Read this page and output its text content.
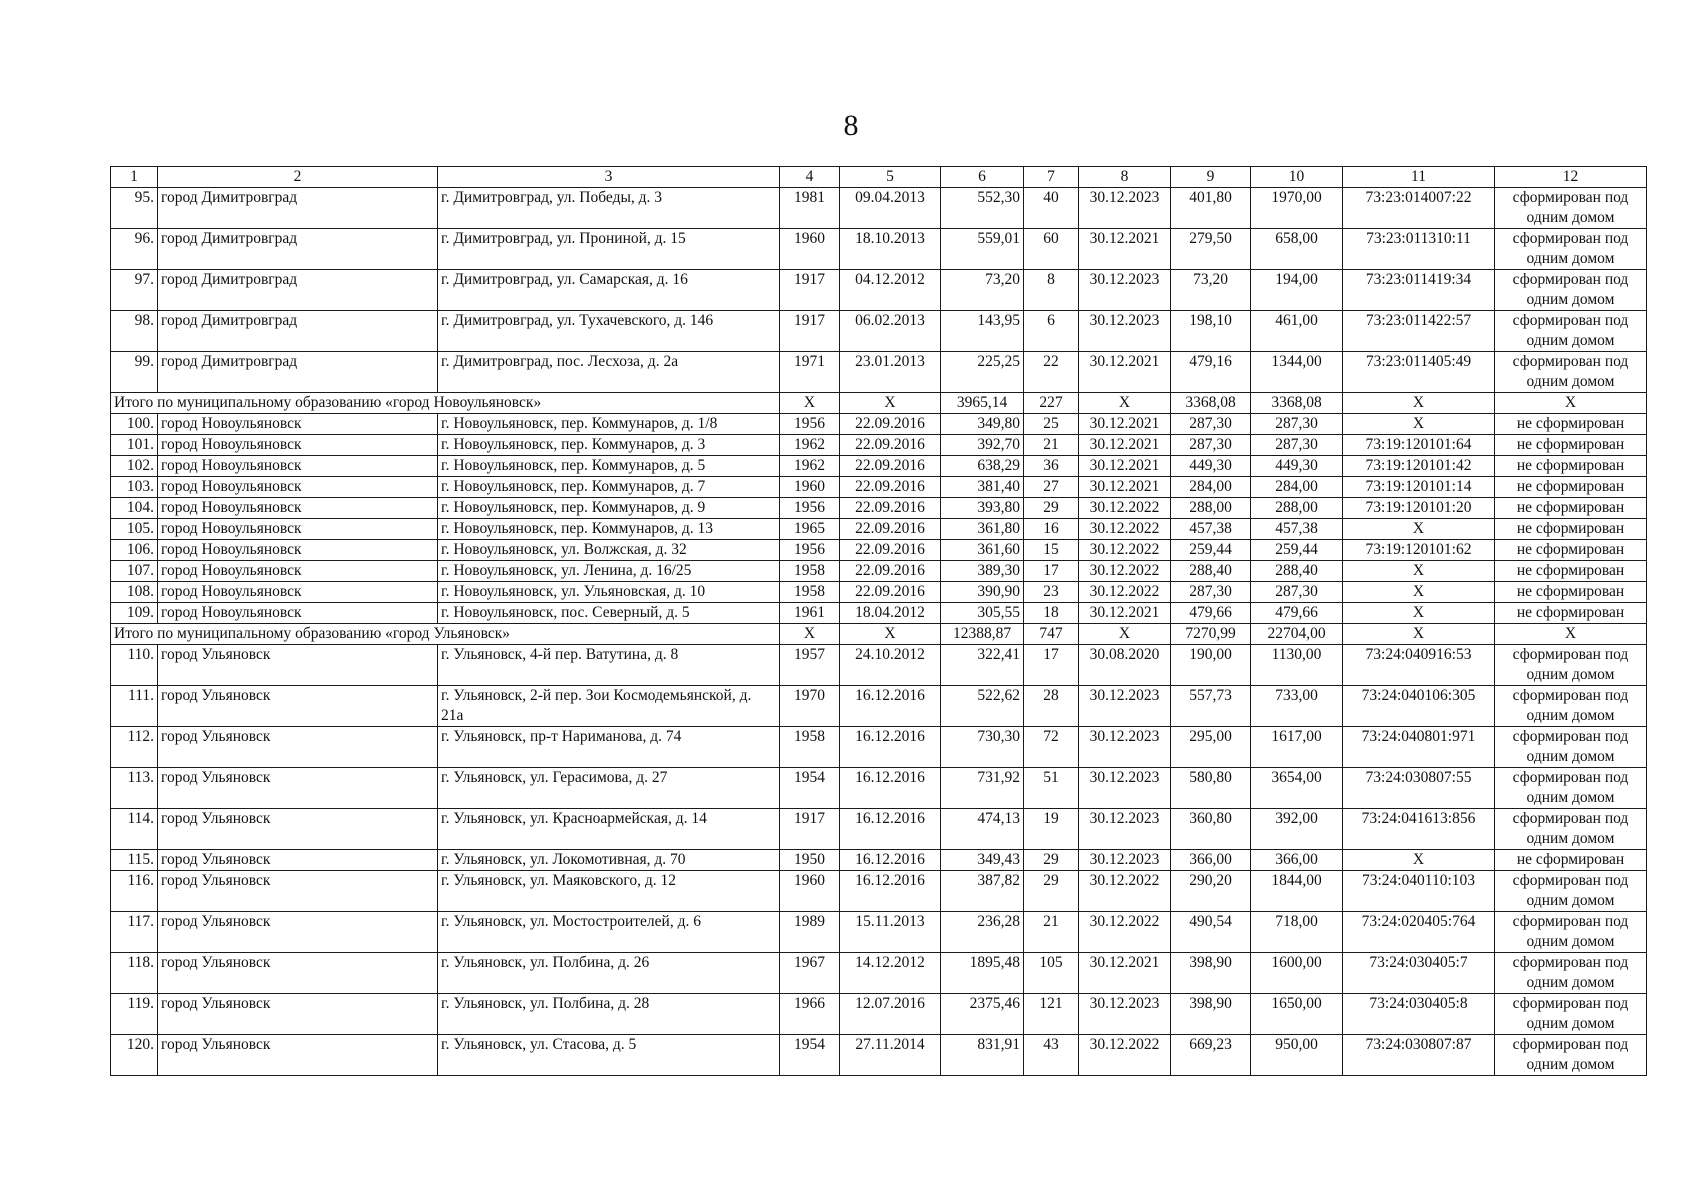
8
1	2	3	4	5	6	7	8	9	10	11	12
95.	город Димитровград	г. Димитровград, ул. Победы, д. 3	1981	09.04.2013	552,30	40	30.12.2023	401,80	1970,00	73:23:014007:22	сформирован под одним домом
96.	город Димитровград	г. Димитровград, ул. Прониной, д. 15	1960	18.10.2013	559,01	60	30.12.2021	279,50	658,00	73:23:011310:11	сформирован под одним домом
97.	город Димитровград	г. Димитровград, ул. Самарская, д. 16	1917	04.12.2012	73,20	8	30.12.2023	73,20	194,00	73:23:011419:34	сформирован под одним домом
98.	город Димитровград	г. Димитровград, ул. Тухачевского, д. 146	1917	06.02.2013	143,95	6	30.12.2023	198,10	461,00	73:23:011422:57	сформирован под одним домом
99.	город Димитровград	г. Димитровград, пос. Лесхоза, д. 2а	1971	23.01.2013	225,25	22	30.12.2021	479,16	1344,00	73:23:011405:49	сформирован под одним домом
Итого по муниципальному образованию «город Новоульяновск»			X	X	3965,14	227	X	3368,08	3368,08	X	X
100.	город Новоульяновск	г. Новоульяновск, пер. Коммунаров, д. 1/8	1956	22.09.2016	349,80	25	30.12.2021	287,30	287,30	X	не сформирован
101.	город Новоульяновск	г. Новоульяновск, пер. Коммунаров, д. 3	1962	22.09.2016	392,70	21	30.12.2021	287,30	287,30	73:19:120101:64	не сформирован
102.	город Новоульяновск	г. Новоульяновск, пер. Коммунаров, д. 5	1962	22.09.2016	638,29	36	30.12.2021	449,30	449,30	73:19:120101:42	не сформирован
103.	город Новоульяновск	г. Новоульяновск, пер. Коммунаров, д. 7	1960	22.09.2016	381,40	27	30.12.2021	284,00	284,00	73:19:120101:14	не сформирован
104.	город Новоульяновск	г. Новоульяновск, пер. Коммунаров, д. 9	1956	22.09.2016	393,80	29	30.12.2022	288,00	288,00	73:19:120101:20	не сформирован
105.	город Новоульяновск	г. Новоульяновск, пер. Коммунаров, д. 13	1965	22.09.2016	361,80	16	30.12.2022	457,38	457,38	X	не сформирован
106.	город Новоульяновск	г. Новоульяновск, ул. Волжская, д. 32	1956	22.09.2016	361,60	15	30.12.2022	259,44	259,44	73:19:120101:62	не сформирован
107.	город Новоульяновск	г. Новоульяновск, ул. Ленина, д. 16/25	1958	22.09.2016	389,30	17	30.12.2022	288,40	288,40	X	не сформирован
108.	город Новоульяновск	г. Новоульяновск, ул. Ульяновская, д. 10	1958	22.09.2016	390,90	23	30.12.2022	287,30	287,30	X	не сформирован
109.	город Новоульяновск	г. Новоульяновск, пос. Северный, д. 5	1961	18.04.2012	305,55	18	30.12.2021	479,66	479,66	X	не сформирован
Итого по муниципальному образованию «город Ульяновск»			X	X	12388,87	747	X	7270,99	22704,00	X	X
110.	город Ульяновск	г. Ульяновск, 4-й пер. Ватутина, д. 8	1957	24.10.2012	322,41	17	30.08.2020	190,00	1130,00	73:24:040916:53	сформирован под одним домом
111.	город Ульяновск	г. Ульяновск, 2-й пер. Зои Космодемьянской, д. 21а	1970	16.12.2016	522,62	28	30.12.2023	557,73	733,00	73:24:040106:305	сформирован под одним домом
112.	город Ульяновск	г. Ульяновск, пр-т Нариманова, д. 74	1958	16.12.2016	730,30	72	30.12.2023	295,00	1617,00	73:24:040801:971	сформирован под одним домом
113.	город Ульяновск	г. Ульяновск, ул. Герасимова, д. 27	1954	16.12.2016	731,92	51	30.12.2023	580,80	3654,00	73:24:030807:55	сформирован под одним домом
114.	город Ульяновск	г. Ульяновск, ул. Красноармейская, д. 14	1917	16.12.2016	474,13	19	30.12.2023	360,80	392,00	73:24:041613:856	сформирован под одним домом
115.	город Ульяновск	г. Ульяновск, ул. Локомотивная, д. 70	1950	16.12.2016	349,43	29	30.12.2023	366,00	366,00	X	не сформирован
116.	город Ульяновск	г. Ульяновск, ул. Маяковского, д. 12	1960	16.12.2016	387,82	29	30.12.2022	290,20	1844,00	73:24:040110:103	сформирован под одним домом
117.	город Ульяновск	г. Ульяновск, ул. Мостостроителей, д. 6	1989	15.11.2013	236,28	21	30.12.2022	490,54	718,00	73:24:020405:764	сформирован под одним домом
118.	город Ульяновск	г. Ульяновск, ул. Полбина, д. 26	1967	14.12.2012	1895,48	105	30.12.2021	398,90	1600,00	73:24:030405:7	сформирован под одним домом
119.	город Ульяновск	г. Ульяновск, ул. Полбина, д. 28	1966	12.07.2016	2375,46	121	30.12.2023	398,90	1650,00	73:24:030405:8	сформирован под одним домом
120.	город Ульяновск	г. Ульяновск, ул. Стасова, д. 5	1954	27.11.2014	831,91	43	30.12.2022	669,23	950,00	73:24:030807:87	сформирован под одним домом
